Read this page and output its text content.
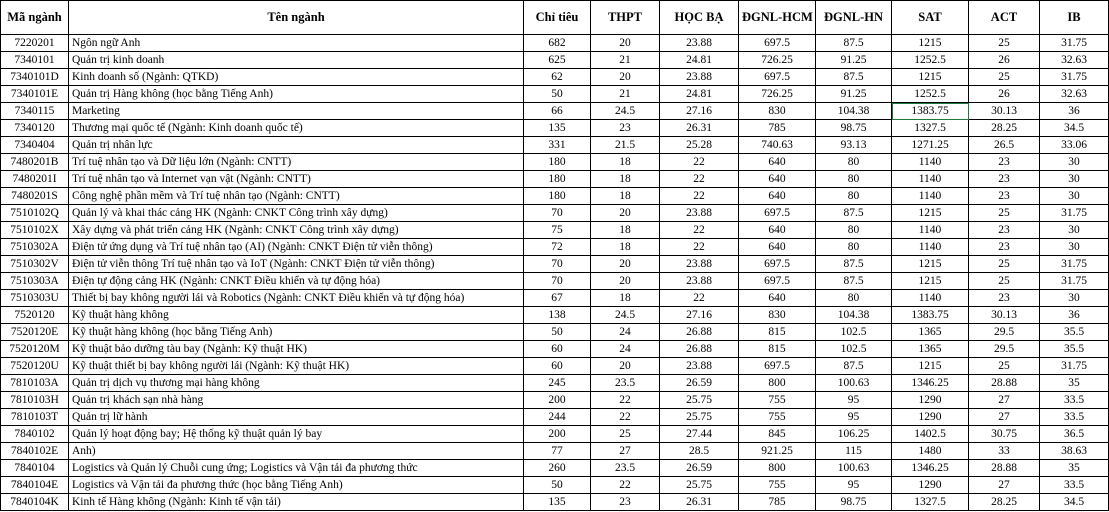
Mã ngành	Tên ngành	Chỉ tiêu	THPT	HỌC BẠ	ĐGNL-HCM	ĐGNL-HN	SAT	ACT	IB
7220201	Ngôn ngữ Anh	682	20	23.88	697.5	87.5	1215	25	31.75
7340101	Quản trị kinh doanh	625	21	24.81	726.25	91.25	1252.5	26	32.63
7340101D	Kinh doanh số (Ngành: QTKD)	62	20	23.88	697.5	87.5	1215	25	31.75
7340101E	Quản trị Hàng không (học bằng Tiếng Anh)	50	21	24.81	726.25	91.25	1252.5	26	32.63
7340115	Marketing	66	24.5	27.16	830	104.38	1383.75	30.13	36
7340120	Thương mại quốc tế (Ngành: Kinh doanh quốc tế)	135	23	26.31	785	98.75	1327.5	28.25	34.5
7340404	Quản trị nhân lực	331	21.5	25.28	740.63	93.13	1271.25	26.5	33.06
7480201B	Trí tuệ nhân tạo và Dữ liệu lớn (Ngành: CNTT)	180	18	22	640	80	1140	23	30
7480201I	Trí tuệ nhân tạo và Internet vạn vật (Ngành: CNTT)	180	18	22	640	80	1140	23	30
7480201S	Công nghệ phần mềm và Trí tuệ nhân tạo (Ngành: CNTT)	180	18	22	640	80	1140	23	30
7510102Q	Quản lý và khai thác cảng HK (Ngành: CNKT Công trình xây dựng)	70	20	23.88	697.5	87.5	1215	25	31.75
7510102X	Xây dựng và phát triển cảng HK (Ngành: CNKT Công trình xây dựng)	75	18	22	640	80	1140	23	30
7510302A	Điện tử ứng dụng và Trí tuệ nhân tạo (AI) (Ngành: CNKT Điện tử viễn thông)	72	18	22	640	80	1140	23	30
7510302V	Điện tử viễn thông Trí tuệ nhân tạo và IoT (Ngành: CNKT Điện tử viễn thông)	70	20	23.88	697.5	87.5	1215	25	31.75
7510303A	Điện tự động cảng HK (Ngành: CNKT Điều khiển và tự động hóa)	70	20	23.88	697.5	87.5	1215	25	31.75
7510303U	Thiết bị bay không người lái và Robotics (Ngành: CNKT Điều khiển và tự động hóa)	67	18	22	640	80	1140	23	30
7520120	Kỹ thuật hàng không	138	24.5	27.16	830	104.38	1383.75	30.13	36
7520120E	Kỹ thuật hàng không (học bằng Tiếng Anh)	50	24	26.88	815	102.5	1365	29.5	35.5
7520120M	Kỹ thuật bảo dưỡng tàu bay (Ngành: Kỹ thuật HK)	60	24	26.88	815	102.5	1365	29.5	35.5
7520120U	Kỹ thuật thiết bị bay không người lái (Ngành: Kỹ thuật HK)	60	20	23.88	697.5	87.5	1215	25	31.75
7810103A	Quản trị dịch vụ thương mại hàng không	245	23.5	26.59	800	100.63	1346.25	28.88	35
7810103H	Quản trị khách sạn nhà hàng	200	22	25.75	755	95	1290	27	33.5
7810103T	Quản trị lữ hành	244	22	25.75	755	95	1290	27	33.5
7840102	Quản lý hoạt động bay; Hệ thống kỹ thuật quản lý bay	200	25	27.44	845	106.25	1402.5	30.75	36.5
7840102E	Anh)	77	27	28.5	921.25	115	1480	33	38.63
7840104	Logistics và Quản lý Chuỗi cung ứng; Logistics và Vận tải đa phương thức	260	23.5	26.59	800	100.63	1346.25	28.88	35
7840104E	Logistics và Vận tải đa phương thức (học bằng Tiếng Anh)	50	22	25.75	755	95	1290	27	33.5
7840104K	Kinh tế Hàng không (Ngành: Kinh tế vận tải)	135	23	26.31	785	98.75	1327.5	28.25	34.5
